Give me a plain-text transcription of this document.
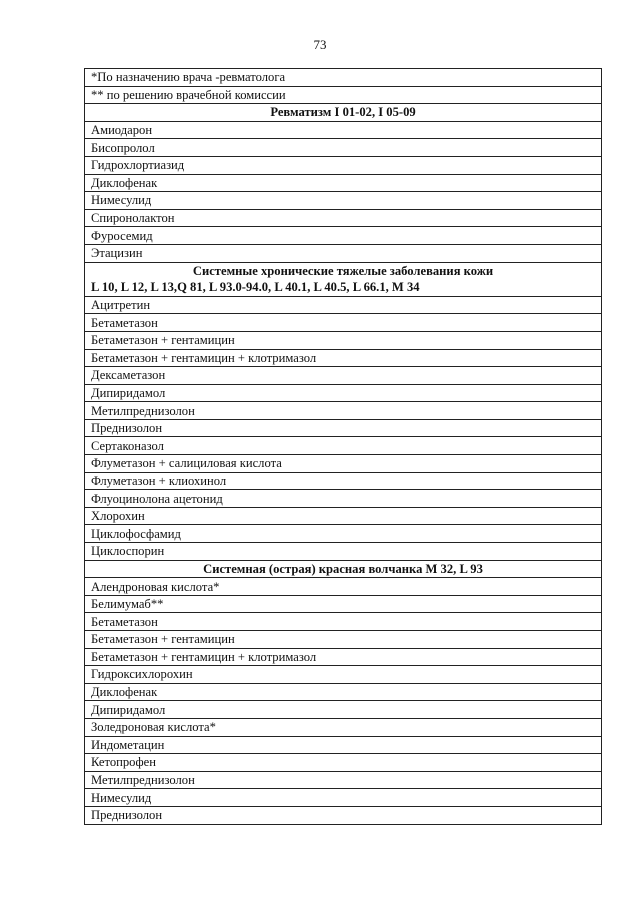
73
*По назначению врача -ревматолога
** по решению врачебной комиссии
Ревматизм I 01-02, I 05-09
Амиодарон
Бисопролол
Гидрохлортиазид
Диклофенак
Нимесулид
Спиронолактон
Фуросемид
Этацизин
Системные хронические тяжелые заболевания кожи
L 10, L 12, L 13,Q 81, L 93.0-94.0, L 40.1, L 40.5, L 66.1, M 34
Ацитретин
Бетаметазон
Бетаметазон + гентамицин
Бетаметазон + гентамицин + клотримазол
Дексаметазон
Дипиридамол
Метилпреднизолон
Преднизолон
Сертаконазол
Флуметазон + салициловая кислота
Флуметазон + клиохинол
Флуоцинолона ацетонид
Хлорохин
Циклофосфамид
Циклоспорин
Системная (острая) красная волчанка М 32, L 93
Алендроновая кислота*
Белимумаб**
Бетаметазон
Бетаметазон + гентамицин
Бетаметазон + гентамицин + клотримазол
Гидроксихлорохин
Диклофенак
Дипиридамол
Золедроновая кислота*
Индометацин
Кетопрофен
Метилпреднизолон
Нимесулид
Преднизолон
